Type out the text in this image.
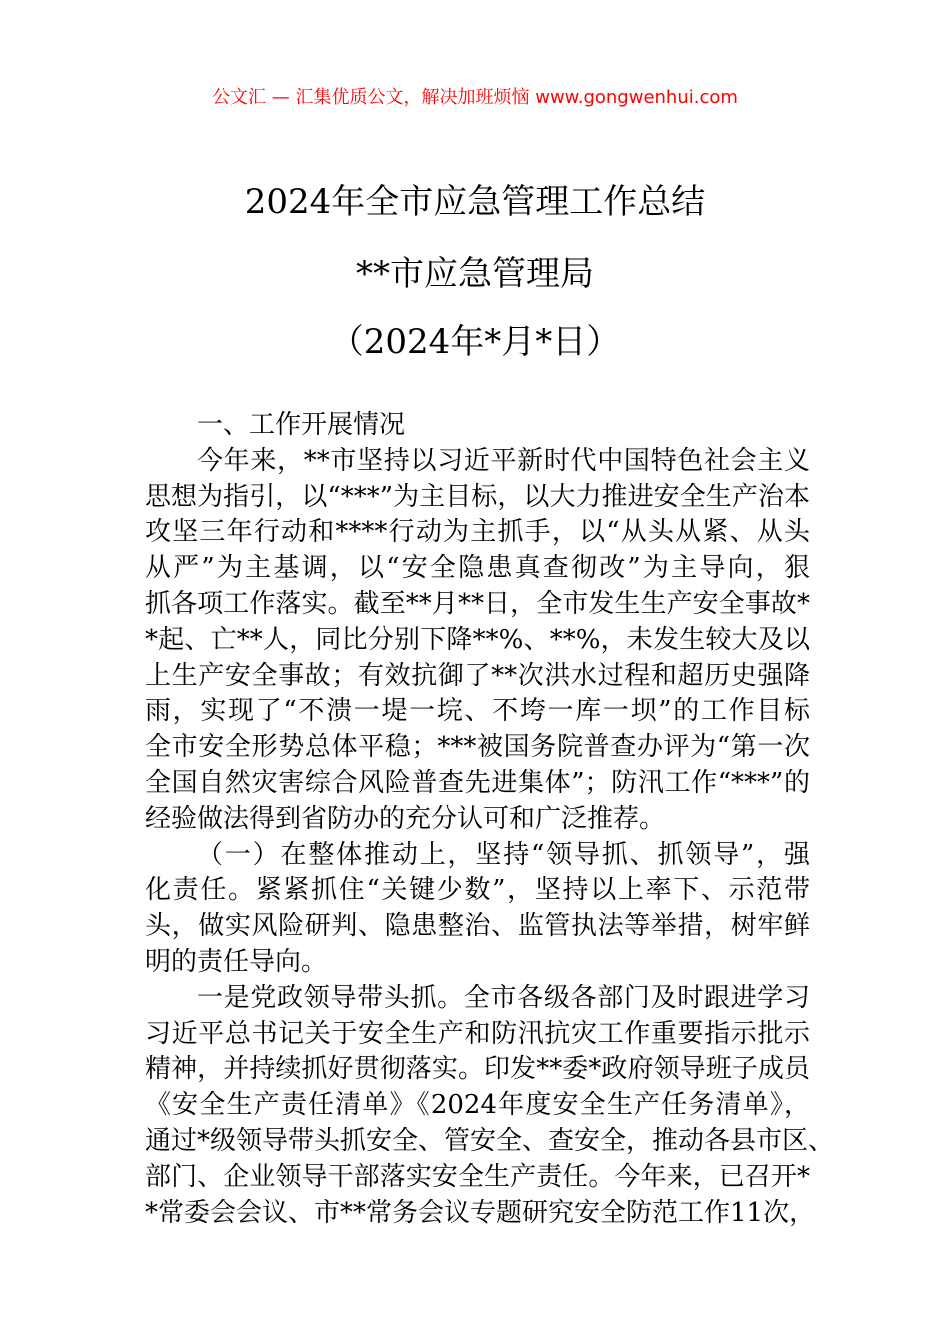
公文汇 — 汇集优质公文，解决加班烦恼 www.gongwenhui.com
2024年全市应急管理工作总结
**市应急管理局
（2024年*月*日）
一、工作开展情况
今年来，**市坚持以习近平新时代中国特色社会主义
思想为指引，以“***”为主目标，以大力推进安全生产治本
攻坚三年行动和****行动为主抓手，以“从头从紧、从头
从严”为主基调，以“安全隐患真查彻改”为主导向，狠
抓各项工作落实。截至**月**日，全市发生生产安全事故*
*起、亡**人，同比分别下降**%、**%，未发生较大及以
上生产安全事故；有效抗御了**次洪水过程和超历史强降
雨，实现了“不溃一堤一垸、不垮一库一坝”的工作目标
全市安全形势总体平稳；***被国务院普查办评为“第一次
全国自然灾害综合风险普查先进集体”；防汛工作“***”的
经验做法得到省防办的充分认可和广泛推荐。
（一）在整体推动上，坚持“领导抓、抓领导”，强
化责任。紧紧抓住“关键少数”，坚持以上率下、示范带
头，做实风险研判、隐患整治、监管执法等举措，树牢鲜
明的责任导向。
一是党政领导带头抓。全市各级各部门及时跟进学习
习近平总书记关于安全生产和防汛抗灾工作重要指示批示
精神，并持续抓好贯彻落实。印发**委*政府领导班子成员
《安全生产责任清单》《2024年度安全生产任务清单》，
通过*级领导带头抓安全、管安全、查安全，推动各县市区、
部门、企业领导干部落实安全生产责任。今年来，已召开*
*常委会会议、市**常务会议专题研究安全防范工作11次，
